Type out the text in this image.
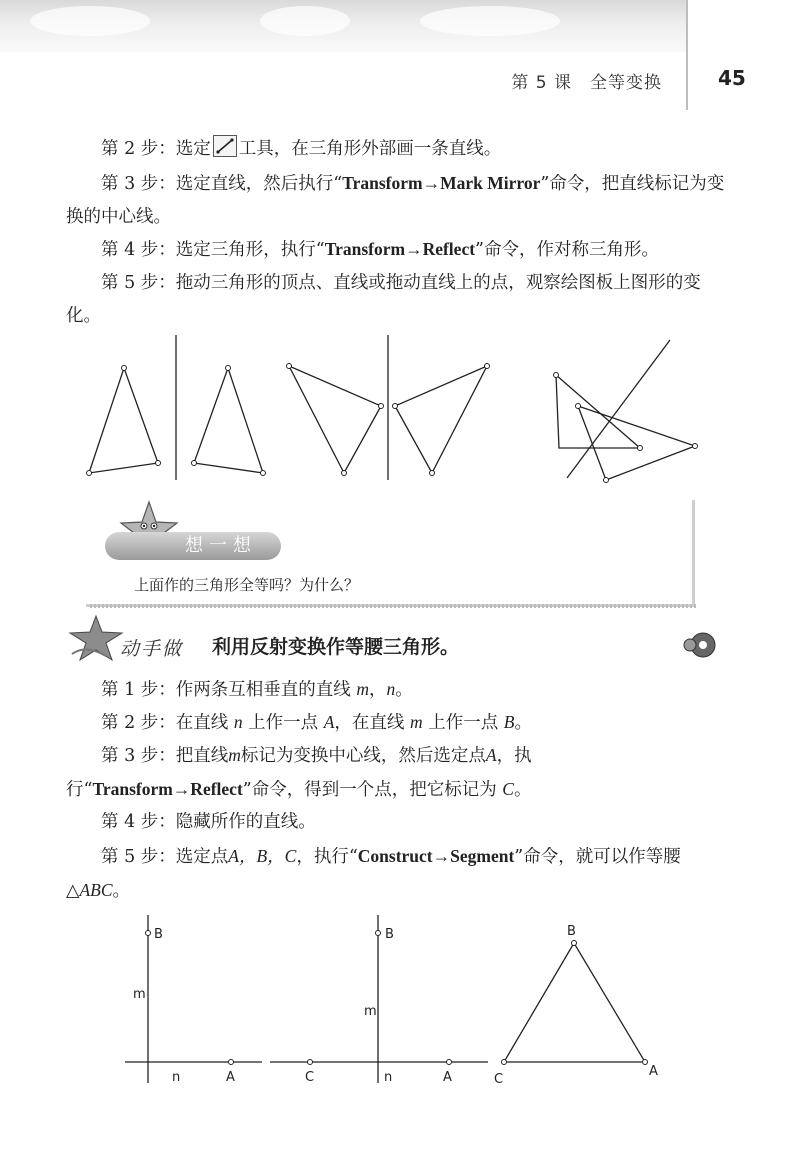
第 5 课　全等变换	45
第 2 步：选定 工具，在三角形外部画一条直线。
第 3 步：选定直线，然后执行“Transform→Mark Mirror”命令，把直线标记为变换的中心线。
第 4 步：选定三角形，执行“Transform→Reflect”命令，作对称三角形。
第 5 步：拖动三角形的顶点、直线或拖动直线上的点，观察绘图板上图形的变化。
想一想
上面作的三角形全等吗？为什么？
动手做 利用反射变换作等腰三角形。
第 1 步：作两条互相垂直的直线 m，n。
第 2 步：在直线 n 上作一点 A，在直线 m 上作一点 B。
第 3 步：把直线m标记为变换中心线，然后选定点A，执行“Transform→Reflect”命令，得到一个点，把它标记为 C。
第 4 步：隐藏所作的直线。
第 5 步：选定点A，B，C，执行“Construct→Segment”命令，就可以作等腰△ABC。
B
m
n	A
B
m
C	n	A
B
C
A
